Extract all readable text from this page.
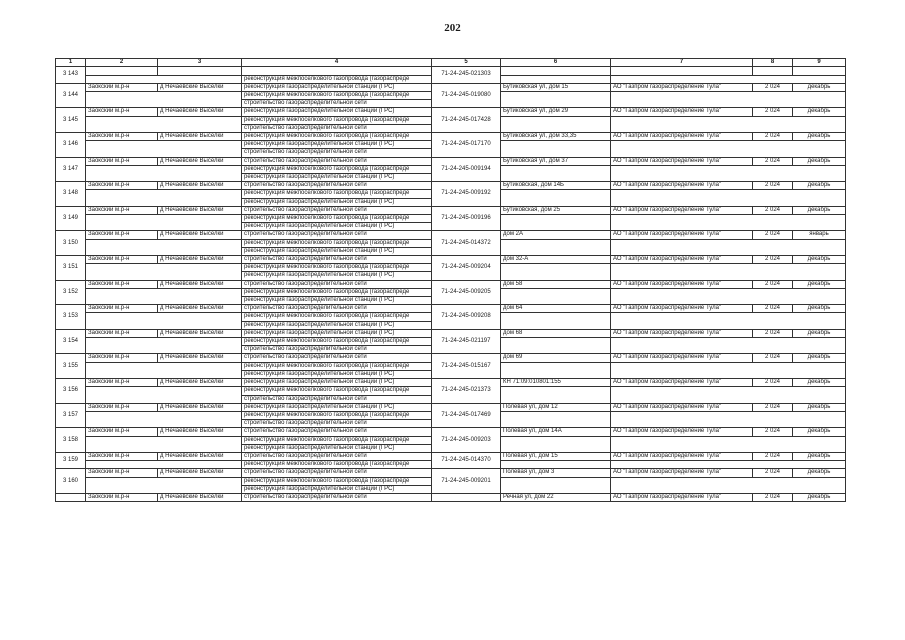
202
1	2	3	4	5	6	7	8	9
3 143				71-24-245-021303				
			реконструкция межпоселкового газопровода (газораспреде					
3 144	Заокский м.р-н	д Нечаевские Выселки	реконструкция газораспределительной станции (ГРС)	71-24-245-019080	Бутиковская ул, дом 15	АО "Газпром газораспределение Тула"	2 024	декабрь
			реконструкция межпоселкового газопровода (газораспреде					
			строительство газораспределительной сети					
3 145	Заокский м.р-н	д Нечаевские Выселки	реконструкция газораспределительной станции (ГРС)	71-24-245-017428	Бутиковская ул, дом 29	АО "Газпром газораспределение Тула"	2 024	декабрь
			реконструкция межпоселкового газопровода (газораспреде					
			строительство газораспределительной сети					
3 146	Заокский м.р-н	д Нечаевские Выселки	реконструкция межпоселкового газопровода (газораспреде	71-24-245-017170	Бутиковская ул, дом 33,35	АО "Газпром газораспределение Тула"	2 024	декабрь
			реконструкция газораспределительной станции (ГРС)					
			строительство газораспределительной сети					
3 147	Заокский м.р-н	д Нечаевские Выселки	строительство газораспределительной сети	71-24-245-009194	Бутиковская ул, дом 37	АО "Газпром газораспределение Тула"	2 024	декабрь
			реконструкция межпоселкового газопровода (газораспреде					
			реконструкция газораспределительной станции (ГРС)					
3 148	Заокский м.р-н	д Нечаевские Выселки	строительство газораспределительной сети	71-24-245-009192	Бутиковская, дом 14Б	АО "Газпром газораспределение Тула"	2 024	декабрь
			реконструкция межпоселкового газопровода (газораспреде					
			реконструкция газораспределительной станции (ГРС)					
3 149	Заокский м.р-н	д Нечаевские Выселки	строительство газораспределительной сети	71-24-245-009196	Бутиковская, дом 25	АО "Газпром газораспределение Тула"	2 024	декабрь
			реконструкция межпоселкового газопровода (газораспреде					
			реконструкция газораспределительной станции (ГРС)					
3 150	Заокский м.р-н	д Нечаевские Выселки	строительство газораспределительной сети	71-24-245-014372	дом 2А	АО "Газпром газораспределение Тула"	2 024	январь
			реконструкция межпоселкового газопровода (газораспреде					
			реконструкция газораспределительной станции (ГРС)					
3 151	Заокский м.р-н	д Нечаевские Выселки	строительство газораспределительной сети	71-24-245-009204	дом 32-А	АО "Газпром газораспределение Тула"	2 024	декабрь
			реконструкция межпоселкового газопровода (газораспреде					
			реконструкция газораспределительной станции (ГРС)					
3 152	Заокский м.р-н	д Нечаевские Выселки	строительство газораспределительной сети	71-24-245-009205	дом 58	АО "Газпром газораспределение Тула"	2 024	декабрь
			реконструкция межпоселкового газопровода (газораспреде					
			реконструкция газораспределительной станции (ГРС)					
3 153	Заокский м.р-н	д Нечаевские Выселки	строительство газораспределительной сети	71-24-245-009208	дом 64	АО "Газпром газораспределение Тула"	2 024	декабрь
			реконструкция межпоселкового газопровода (газораспреде					
			реконструкция газораспределительной станции (ГРС)					
3 154	Заокский м.р-н	д Нечаевские Выселки	реконструкция газораспределительной станции (ГРС)	71-24-245-021197	дом 68	АО "Газпром газораспределение Тула"	2 024	декабрь
			реконструкция межпоселкового газопровода (газораспреде					
			строительство газораспределительной сети					
3 155	Заокский м.р-н	д Нечаевские Выселки	строительство газораспределительной сети	71-24-245-015167	дом 69	АО "Газпром газораспределение Тула"	2 024	декабрь
			реконструкция межпоселкового газопровода (газораспреде					
			реконструкция газораспределительной станции (ГРС)					
3 156	Заокский м.р-н	д Нечаевские Выселки	реконструкция газораспределительной станции (ГРС)	71-24-245-021373	КН 71:09:010801:155	АО "Газпром газораспределение Тула"	2 024	декабрь
			реконструкция межпоселкового газопровода (газораспреде					
			строительство газораспределительной сети					
3 157	Заокский м.р-н	д Нечаевские Выселки	реконструкция газораспределительной станции (ГРС)	71-24-245-017469	Полевая ул, дом 12	АО "Газпром газораспределение Тула"	2 024	декабрь
			реконструкция межпоселкового газопровода (газораспреде					
			строительство газораспределительной сети					
3 158	Заокский м.р-н	д Нечаевские Выселки	строительство газораспределительной сети	71-24-245-009203	Полевая ул, дом 14А	АО "Газпром газораспределение Тула"	2 024	декабрь
			реконструкция межпоселкового газопровода (газораспреде					
			реконструкция газораспределительной станции (ГРС)					
3 159	Заокский м.р-н	д Нечаевские Выселки	строительство газораспределительной сети	71-24-245-014370	Полевая ул, дом 15	АО "Газпром газораспределение Тула"	2 024	декабрь
			реконструкция межпоселкового газопровода (газораспреде					
3 160	Заокский м.р-н	д Нечаевские Выселки	строительство газораспределительной сети	71-24-245-009201	Полевая ул, дом 3	АО "Газпром газораспределение Тула"	2 024	декабрь
			реконструкция межпоселкового газопровода (газораспреде					
			реконструкция газораспределительной станции (ГРС)					
	Заокский м.р-н	д Нечаевские Выселки	строительство газораспределительной сети		Речная ул, дом 22	АО "Газпром газораспределение Тула"	2 024	декабрь
